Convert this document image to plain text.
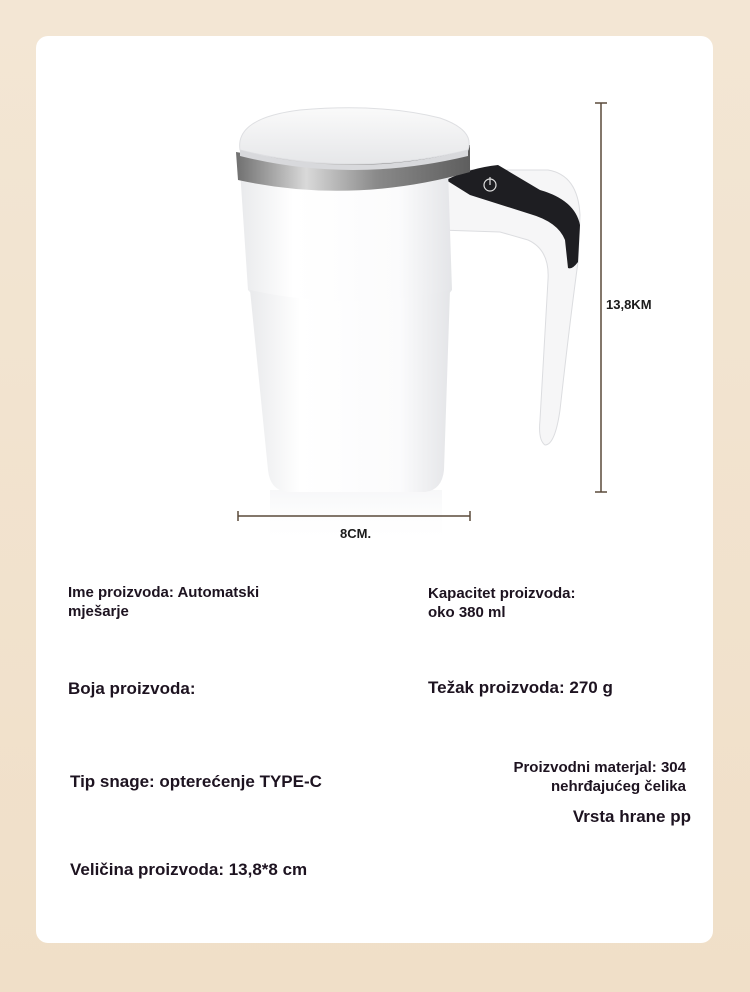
13,8KM
8CM.
Ime proizvoda: Automatski
mješarje
Kapacitet proizvoda:
oko 380 ml
Boja proizvoda:	Težak proizvoda: 270 g
Tip snage: opterećenje TYPE-C
Proizvodni materjal: 304
nehrđajućeg čelika
Vrsta hrane pp
Veličina proizvoda: 13,8*8 cm
